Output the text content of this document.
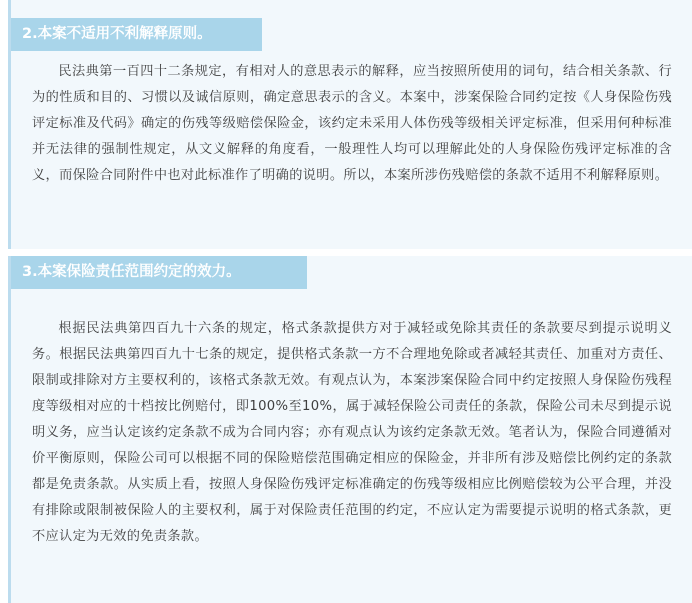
2.本案不适用不利解释原则。

民法典第一百四十二条规定，有相对人的意思表示的解释，应当按照所使用的词句，结合相关条款、行为的性质和目的、习惯以及诚信原则，确定意思表示的含义。本案中，涉案保险合同约定按《人身保险伤残评定标准及代码》确定的伤残等级赔偿保险金，该约定未采用人体伤残等级相关评定标准，但采用何种标准并无法律的强制性规定，从文义解释的角度看，一般理性人均可以理解此处的人身保险伤残评定标准的含义，而保险合同附件中也对此标准作了明确的说明。所以，本案所涉伤残赔偿的条款不适用不利解释原则。

3.本案保险责任范围约定的效力。

根据民法典第四百九十六条的规定，格式条款提供方对于减轻或免除其责任的条款要尽到提示说明义务。根据民法典第四百九十七条的规定，提供格式条款一方不合理地免除或者减轻其责任、加重对方责任、限制或排除对方主要权利的，该格式条款无效。有观点认为，本案涉案保险合同中约定按照人身保险伤残程度等级相对应的十档按比例赔付，即100%至10%，属于减轻保险公司责任的条款，保险公司未尽到提示说明义务，应当认定该约定条款不成为合同内容；亦有观点认为该约定条款无效。笔者认为，保险合同遵循对价平衡原则，保险公司可以根据不同的保险赔偿范围确定相应的保险金，并非所有涉及赔偿比例约定的条款都是免责条款。从实质上看，按照人身保险伤残评定标准确定的伤残等级相应比例赔偿较为公平合理，并没有排除或限制被保险人的主要权利，属于对保险责任范围的约定，不应认定为需要提示说明的格式条款，更不应认定为无效的免责条款。
